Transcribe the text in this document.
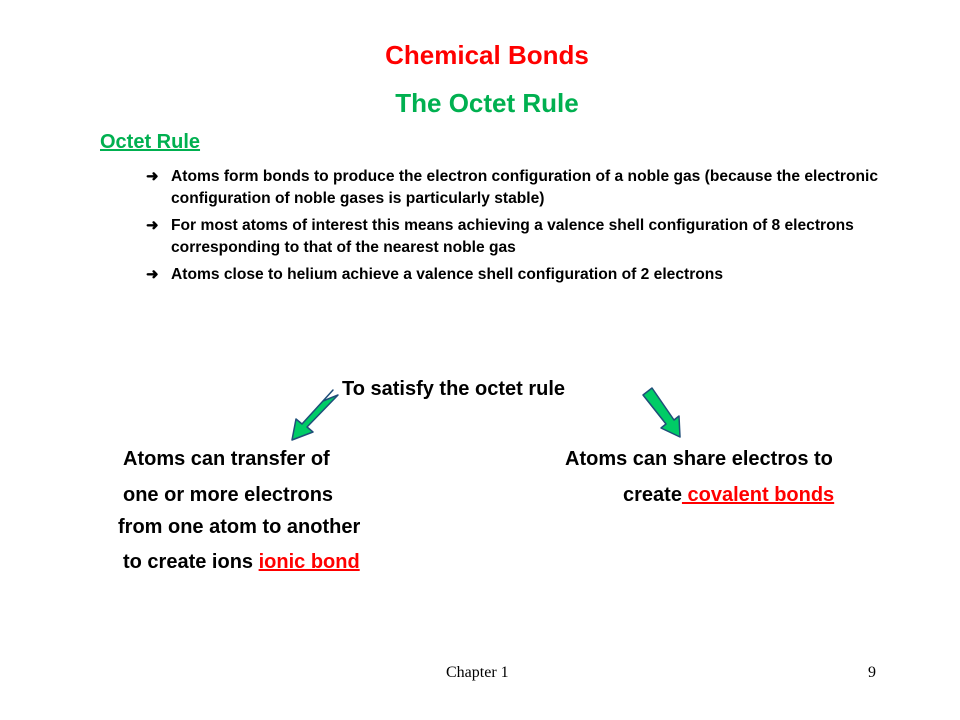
Chemical Bonds
The Octet Rule
Octet Rule
➜ Atoms form bonds to produce the electron configuration of a noble gas (because the electronic configuration of noble gases is particularly stable)
➜ For most atoms of interest this means achieving a valence shell configuration of 8 electrons corresponding to that of the nearest noble gas
➜ Atoms close to helium achieve a valence shell configuration of 2 electrons
To satisfy the octet rule
Atoms can transfer of
one or more electrons
from one atom to another
to create ions ionic bond
Atoms can share electros to
create covalent bonds
Chapter 1	9
